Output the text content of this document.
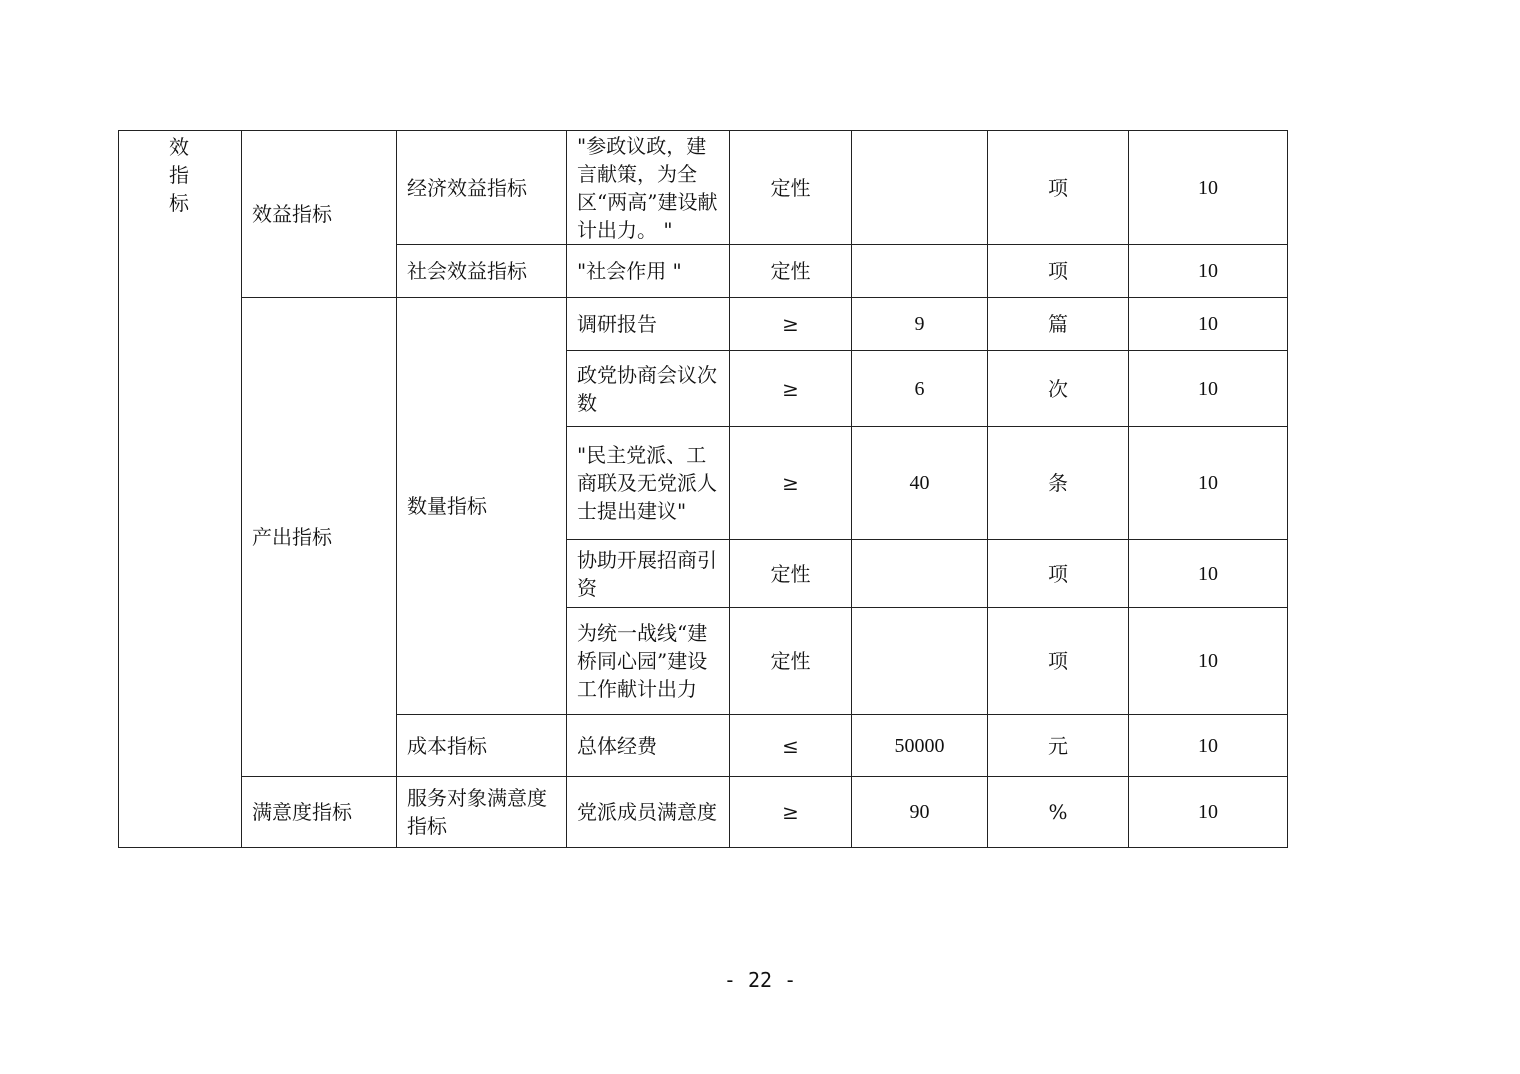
效指标	效益指标	经济效益指标	"参政议政，建言献策，为全区“两高”建设献计出力。 "	定性		项	10
		社会效益指标	"社会作用 "	定性		项	10
	产出指标	数量指标	调研报告	≥	9	篇	10
			政党协商会议次数	≥	6	次	10
			"民主党派、工商联及无党派人士提出建议"	≥	40	条	10
			协助开展招商引资	定性		项	10
			为统一战线“建桥同心园”建设工作献计出力	定性		项	10
		成本指标	总体经费	≤	50000	元	10
	满意度指标	服务对象满意度指标	党派成员满意度	≥	90	%	10
- 22 -
